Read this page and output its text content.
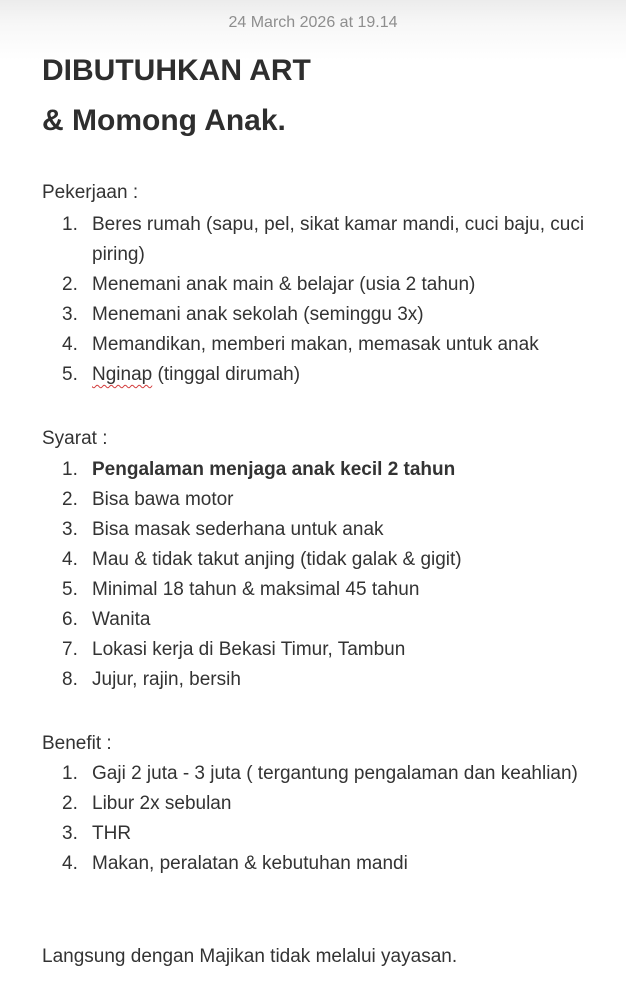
24 March 2026 at 19.14
DIBUTUHKAN ART
& Momong Anak.
Pekerjaan :
1. Beres rumah (sapu, pel, sikat kamar mandi, cuci baju, cuci piring)
2. Menemani anak main & belajar (usia 2 tahun)
3. Menemani anak sekolah (seminggu 3x)
4. Memandikan, memberi makan, memasak untuk anak
5. Nginap (tinggal dirumah)
Syarat :
1. Pengalaman menjaga anak kecil 2 tahun
2. Bisa bawa motor
3. Bisa masak sederhana untuk anak
4. Mau & tidak takut anjing (tidak galak & gigit)
5. Minimal 18 tahun & maksimal 45 tahun
6. Wanita
7. Lokasi kerja di Bekasi Timur, Tambun
8. Jujur, rajin, bersih
Benefit :
1. Gaji 2 juta - 3 juta ( tergantung pengalaman dan keahlian)
2. Libur 2x sebulan
3. THR
4. Makan, peralatan & kebutuhan mandi
Langsung dengan Majikan tidak melalui yayasan.
